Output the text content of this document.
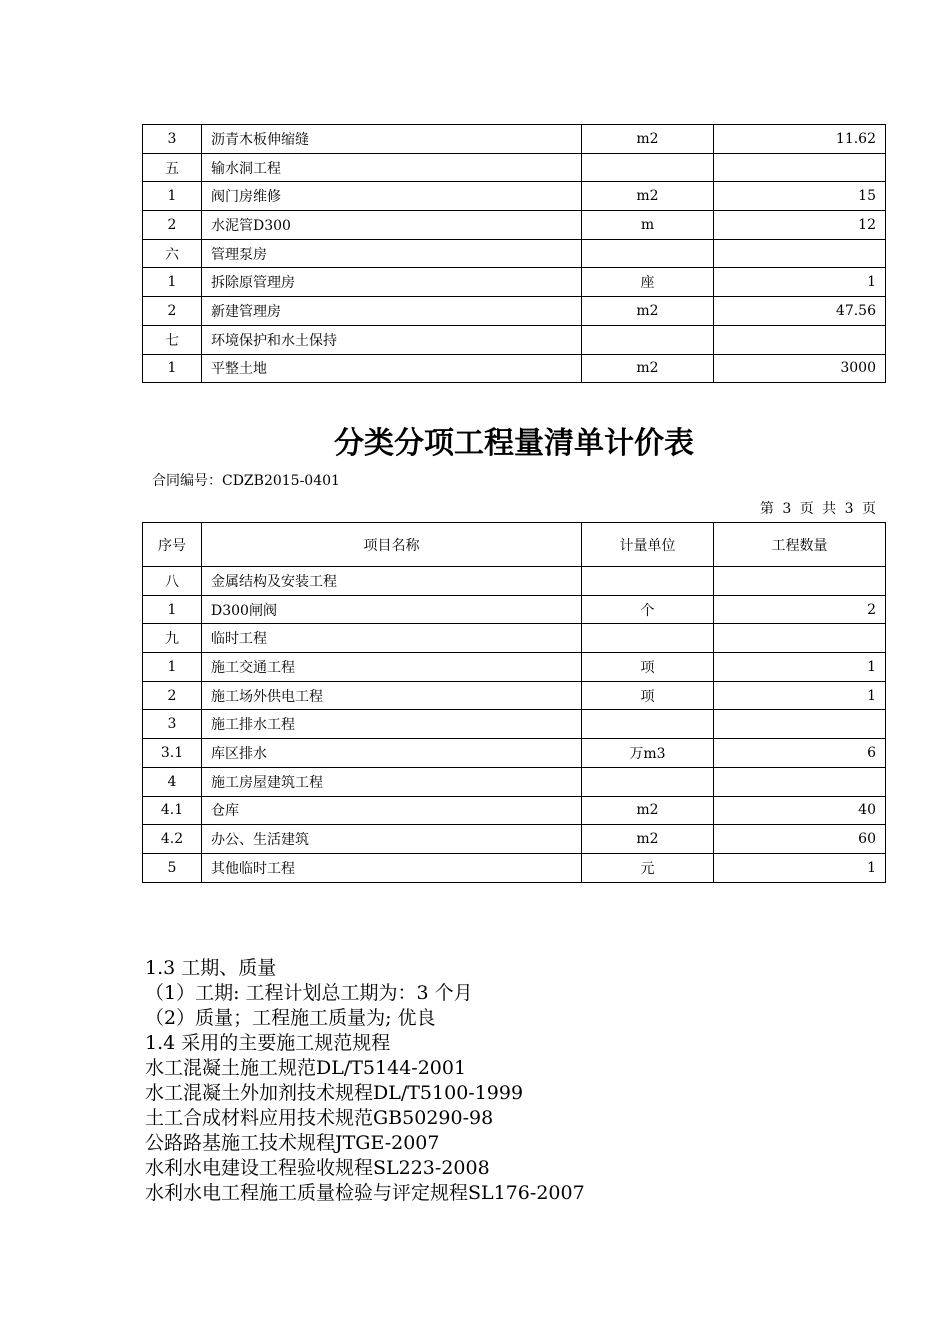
3	沥青木板伸缩缝	m2	11.62
五	输水洞工程		
1	阀门房维修	m2	15
2	水泥管D300	m	12
六	管理泵房		
1	拆除原管理房	座	1
2	新建管理房	m2	47.56
七	环境保护和水土保持		
1	平整土地	m2	3000
分类分项工程量清单计价表
合同编号：CDZB2015-0401
第 3 页 共 3 页
序号	项目名称	计量单位	工程数量
八	金属结构及安装工程		
1	D300闸阀	个	2
九	临时工程		
1	施工交通工程	项	1
2	施工场外供电工程	项	1
3	施工排水工程		
3.1	库区排水	万m3	6
4	施工房屋建筑工程		
4.1	仓库	m2	40
4.2	办公、生活建筑	m2	60
5	其他临时工程	元	1
1.3 工期、质量
（1）工期: 工程计划总工期为：3 个月
（2）质量；工程施工质量为; 优良
1.4 采用的主要施工规范规程
水工混凝土施工规范DL/T5144-2001
水工混凝土外加剂技术规程DL/T5100-1999
土工合成材料应用技术规范GB50290-98
公路路基施工技术规程JTGE-2007
水利水电建设工程验收规程SL223-2008
水利水电工程施工质量检验与评定规程SL176-2007
